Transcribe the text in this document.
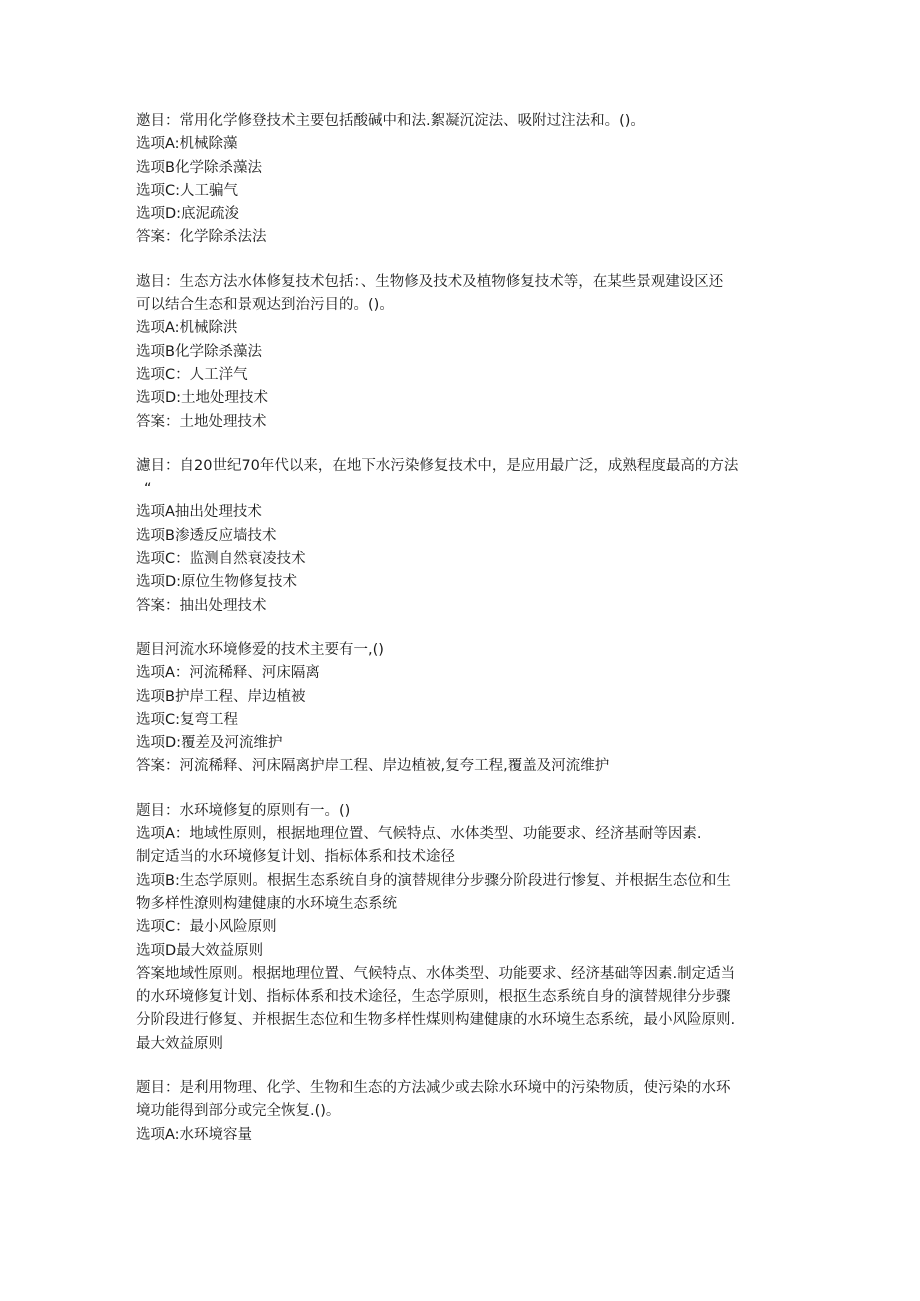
邀目：常用化学修登技术主要包括酸碱中和法.絮凝沉淀法、吸附过注法和。()。
选项A:机械除藻
选项B化学除杀藻法
选项C:人工骗气
选项D:底泥疏浚
答案：化学除杀法法
遨目：生态方法水体修复技术包括：、生物修及技术及植物修复技术等，在某些景观建设区还
可以结合生态和景观达到治污目的。()。
选项A:机械除洪
选项B化学除杀藻法
选项C：人工洋气
选项D:土地处理技术
答案：土地处理技术
濾目：自20世纪70年代以来，在地下水污染修复技术中，是应用最广泛，成熟程度最高的方法
“
选项A抽出处理技术
选项B渗透反应墙技术
选项C：监测自然衰凌技术
选项D:原位生物修复技术
答案：抽出处理技术
题目河流水环境修爱的技术主要有一,()
选项A：河流稀释、河床隔离
选项B护岸工程、岸边植被
选项C:复弯工程
选项D:覆差及河流维护
答案：河流稀释、河床隔离护岸工程、岸边植被,复夸工程,覆盖及河流维护
题目：水环境修复的原则有一。()
选项A：地域性原则，根据地理位置、气候特点、水体类型、功能要求、经济基耐等因素.
制定适当的水环境修复计划、指标体系和技术途径
选项B:生态学原则。根据生态系统自身的演替规律分步骤分阶段进行惨复、并根据生态位和生
物多样性潦则构建健康的水环境生态系统
选项C：最小风险原则
选项D最大效益原则
答案地域性原则。根据地理位置、气候特点、水体类型、功能要求、经济基础等因素.制定适当
的水环境修复计划、指标体系和技术途径，生态学原则，根抠生态系统自身的演替规律分步骤
分阶段进行修复、并根据生态位和生物多样性煤则构建健康的水环境生态系统，最小风险原则.
最大效益原则
题目：是利用物理、化学、生物和生态的方法减少或去除水环境中的污染物质，使污染的水环
境功能得到部分或完全恢复.()。
选项A:水环境容量
